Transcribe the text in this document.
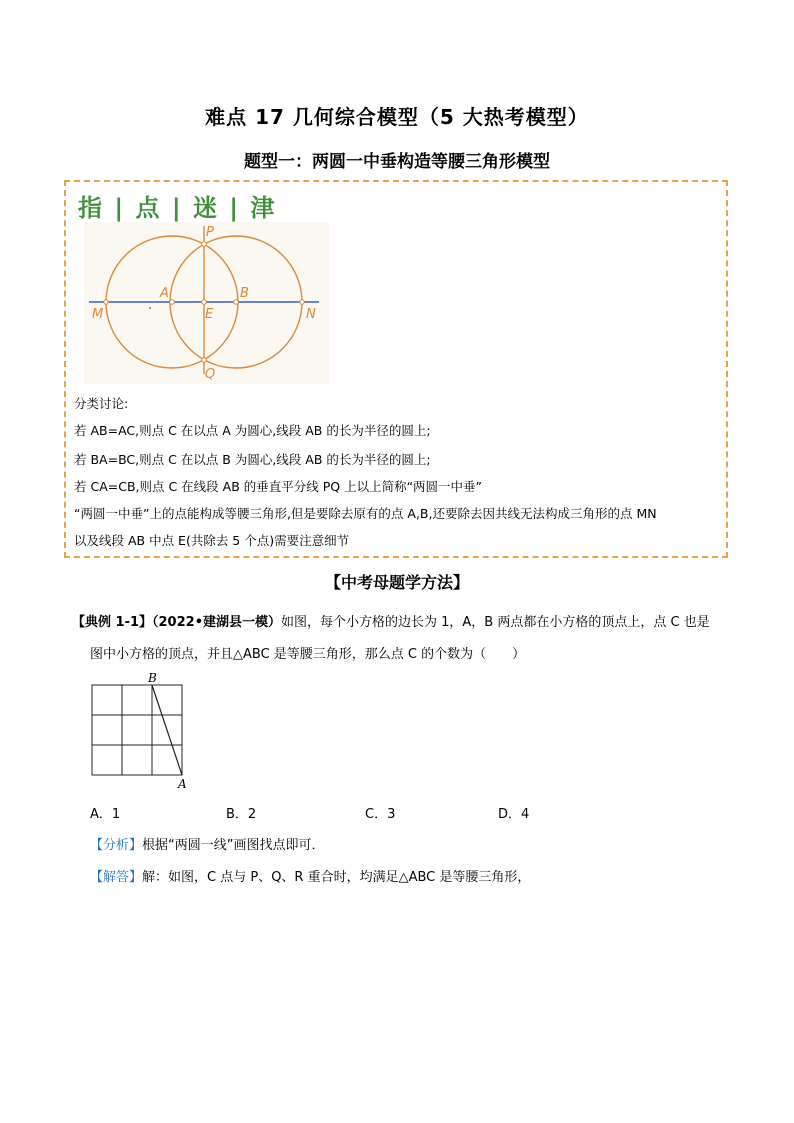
难点 17 几何综合模型（5 大热考模型）
题型一：两圆一中垂构造等腰三角形模型
指 | 点 | 迷 | 津
P
Q
A	B
E
M	N
分类讨论:
若 AB=AC,则点 C 在以点 A 为圆心,线段 AB 的长为半径的圆上;
若 BA=BC,则点 C 在以点 B 为圆心,线段 AB 的长为半径的圆上;
若 CA=CB,则点 C 在线段 AB 的垂直平分线 PQ 上以上简称“两圆一中垂”
“两圆一中垂”上的点能构成等腰三角形,但是要除去原有的点 A,B,还要除去因共线无法构成三角形的点 MN
以及线段 AB 中点 E(共除去 5 个点)需要注意细节
【中考母题学方法】
【典例 1-1】（2022•建湖县一模）如图，每个小方格的边长为 1，A，B 两点都在小方格的顶点上，点 C 也是
图中小方格的顶点，并且△ABC 是等腰三角形，那么点 C 的个数为（　　）
B
A
A．1	B．2	C．3	D．4
【分析】根据“两圆一线”画图找点即可．
【解答】解：如图，C 点与 P、Q、R 重合时，均满足△ABC 是等腰三角形，
